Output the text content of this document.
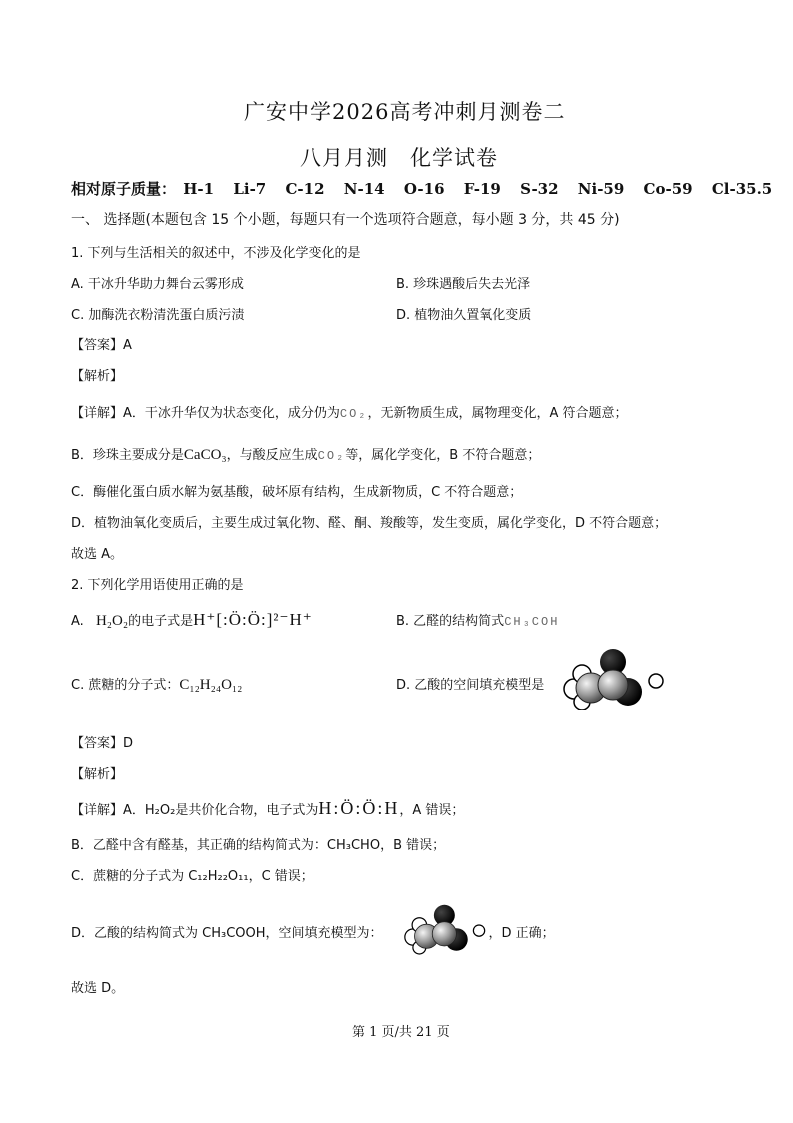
广安中学2026高考冲刺月测卷二
八月月测　化学试卷
相对原子质量： H-1 Li-7 C-12 N-14 O-16 F-19 S-32 Ni-59 Co-59 Cl-35.5
一、 选择题(本题包含 15 个小题，每题只有一个选项符合题意，每小题 3 分，共 45 分)
1. 下列与生活相关的叙述中，不涉及化学变化的是
A. 干冰升华助力舞台云雾形成	B. 珍珠遇酸后失去光泽
C. 加酶洗衣粉清洗蛋白质污渍	D. 植物油久置氧化变质
【答案】A
【解析】
【详解】A．干冰升华仅为状态变化，成分仍为CO₂，无新物质生成，属物理变化，A 符合题意；
B．珍珠主要成分是CaCO₃，与酸反应生成CO₂等，属化学变化，B 不符合题意；
C．酶催化蛋白质水解为氨基酸，破坏原有结构，生成新物质，C 不符合题意；
D．植物油氧化变质后，主要生成过氧化物、醛、酮、羧酸等，发生变质，属化学变化，D 不符合题意；
故选 A。
2. 下列化学用语使用正确的是
A. H₂O₂的电子式是H⁺[:Ö:Ö:]²⁻H⁺	B. 乙醛的结构简式CH₃COH
C. 蔗糖的分子式：C₁₂H₂₄O₁₂	D. 乙酸的空间填充模型是
【答案】D
【解析】
【详解】A．H₂O₂是共价化合物，电子式为H:Ö:Ö:H，A 错误；
B．乙醛中含有醛基，其正确的结构简式为：CH₃CHO，B 错误；
C．蔗糖的分子式为 C₁₂H₂₂O₁₁，C 错误；
D．乙酸的结构简式为 CH₃COOH，空间填充模型为：	，D 正确；
故选 D。
第 1 页/共 21 页
